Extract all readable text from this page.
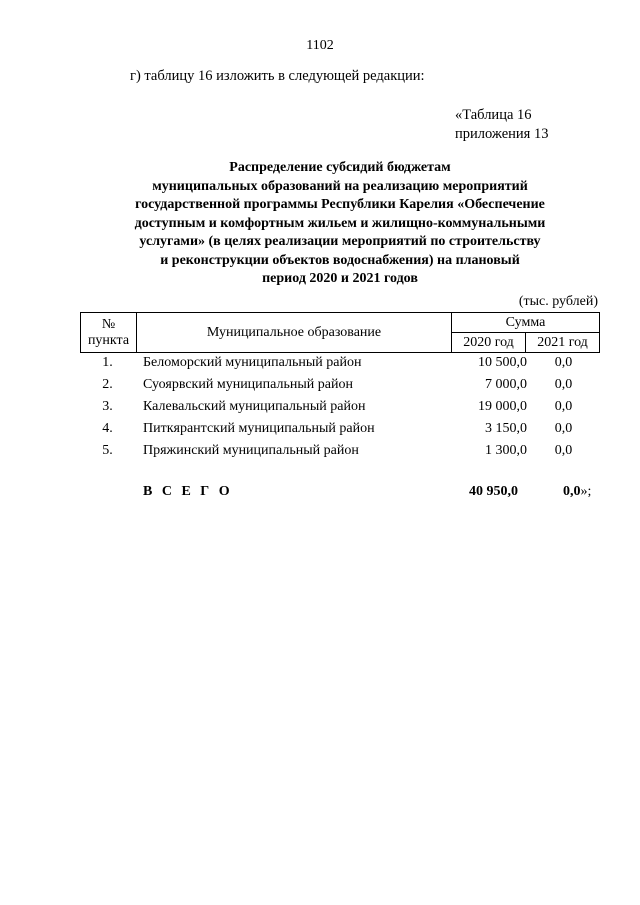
1102
г) таблицу 16 изложить в следующей редакции:
«Таблица 16
приложения 13
Распределение субсидий бюджетам
муниципальных образований на реализацию мероприятий
государственной программы Республики Карелия «Обеспечение
доступным и комфортным жильем и жилищно-коммунальными
услугами» (в целях реализации мероприятий по строительству
и реконструкции объектов водоснабжения) на плановый
период 2020 и 2021 годов
(тыс. рублей)
№
пункта	Муниципальное образование	Сумма	
		2020 год	2021 год
1.	Беломорский муниципальный район	10 500,0	0,0
2.	Суоярвский муниципальный район	7 000,0	0,0
3.	Калевальский муниципальный район	19 000,0	0,0
4.	Питкярантский муниципальный район	3 150,0	0,0
5.	Пряжинский муниципальный район	1 300,0	0,0
В С Е Г О	40 950,0	0,0»;
